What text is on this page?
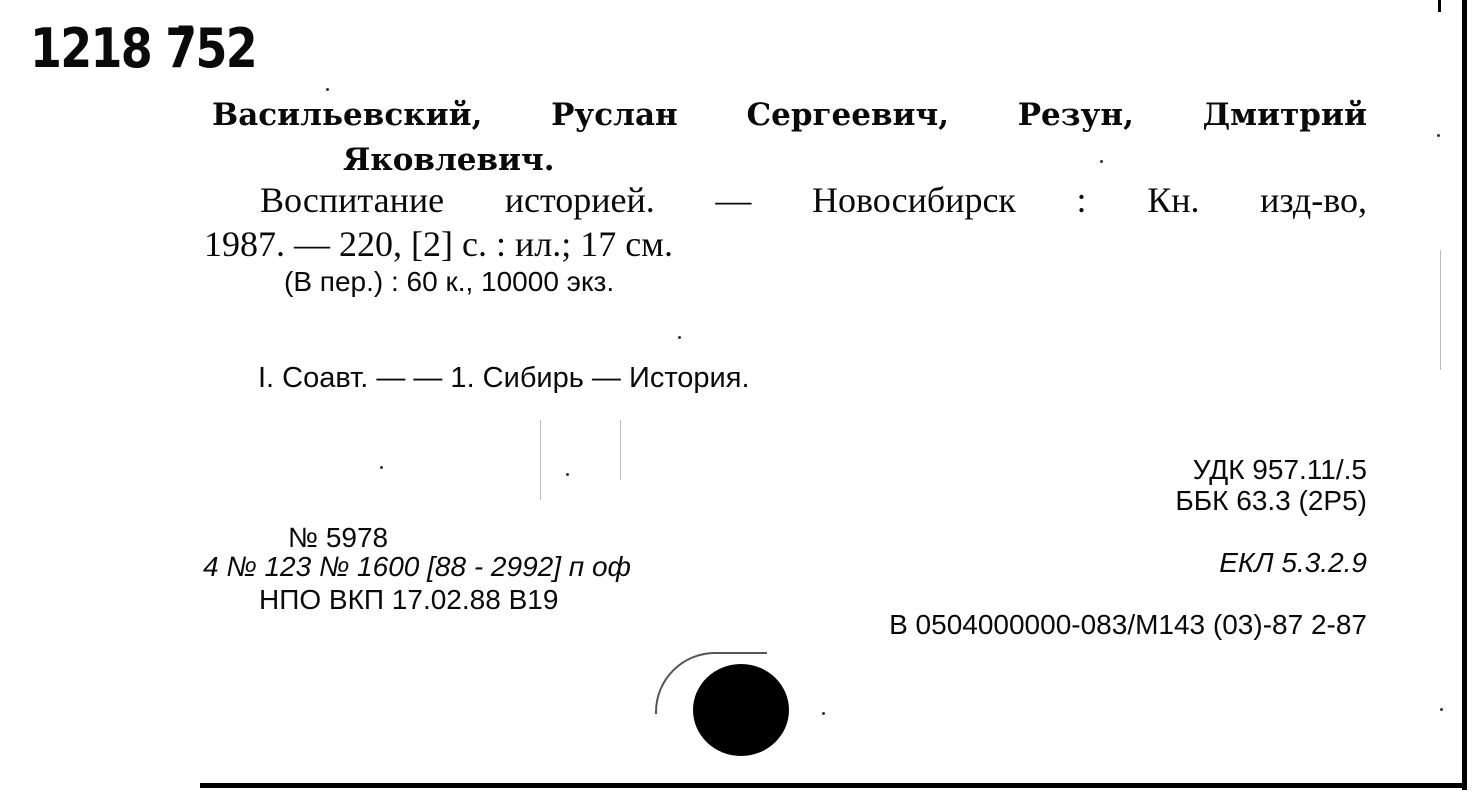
1218 7̄52
Васильевский, Руслан Сергеевич, Резун, Дмитрий
Яковлевич.
Воспитание историей. — Новосибирск : Кн. изд-во,
1987. — 220, [2] с. : ил.; 17 см.
(В пер.) : 60 к., 10000 экз.
I. Соавт. — — 1. Сибирь — История.
УДК 957.11/.5
ББК 63.3 (2Р5)
ЕКЛ 5.3.2.9
В 0504000000-083/М143 (03)-87 2-87
№ 5978
4 № 123 № 1600 [88 - 2992] п оф
НПО ВКП 17.02.88 В19
